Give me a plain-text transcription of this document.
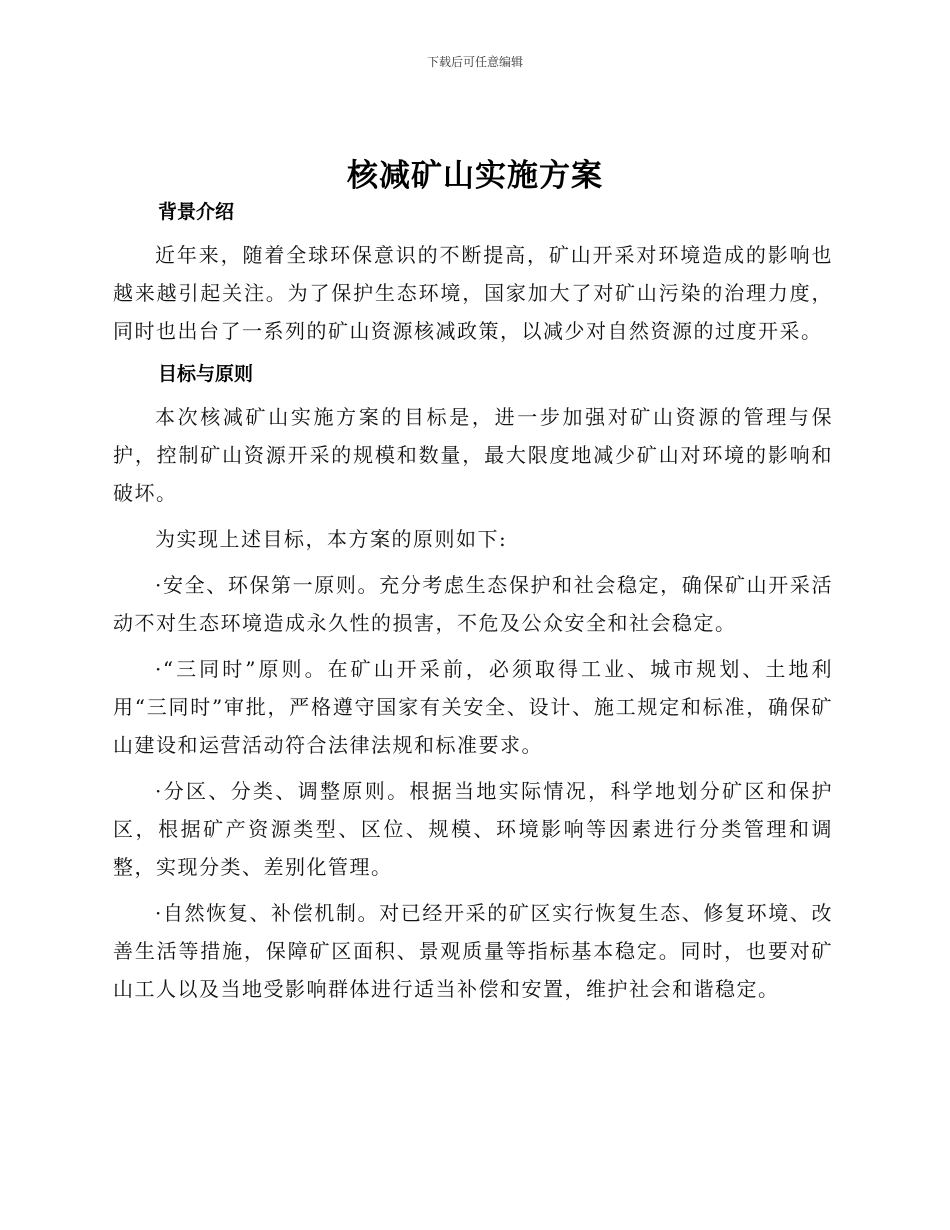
下载后可任意编辑
核减矿山实施方案
背景介绍

近年来，随着全球环保意识的不断提高，矿山开采对环境造成的影响也越来越引起关注。为了保护生态环境，国家加大了对矿山污染的治理力度，同时也出台了一系列的矿山资源核减政策，以减少对自然资源的过度开采。

目标与原则

本次核减矿山实施方案的目标是，进一步加强对矿山资源的管理与保护，控制矿山资源开采的规模和数量，最大限度地减少矿山对环境的影响和破坏。

为实现上述目标，本方案的原则如下:

·安全、环保第一原则。充分考虑生态保护和社会稳定，确保矿山开采活动不对生态环境造成永久性的损害，不危及公众安全和社会稳定。

·“三同时”原则。在矿山开采前，必须取得工业、城市规划、土地利用“三同时”审批，严格遵守国家有关安全、设计、施工规定和标准，确保矿山建设和运营活动符合法律法规和标准要求。

·分区、分类、调整原则。根据当地实际情况，科学地划分矿区和保护区，根据矿产资源类型、区位、规模、环境影响等因素进行分类管理和调整，实现分类、差别化管理。

·自然恢复、补偿机制。对已经开采的矿区实行恢复生态、修复环境、改善生活等措施，保障矿区面积、景观质量等指标基本稳定。同时，也要对矿山工人以及当地受影响群体进行适当补偿和安置，维护社会和谐稳定。
